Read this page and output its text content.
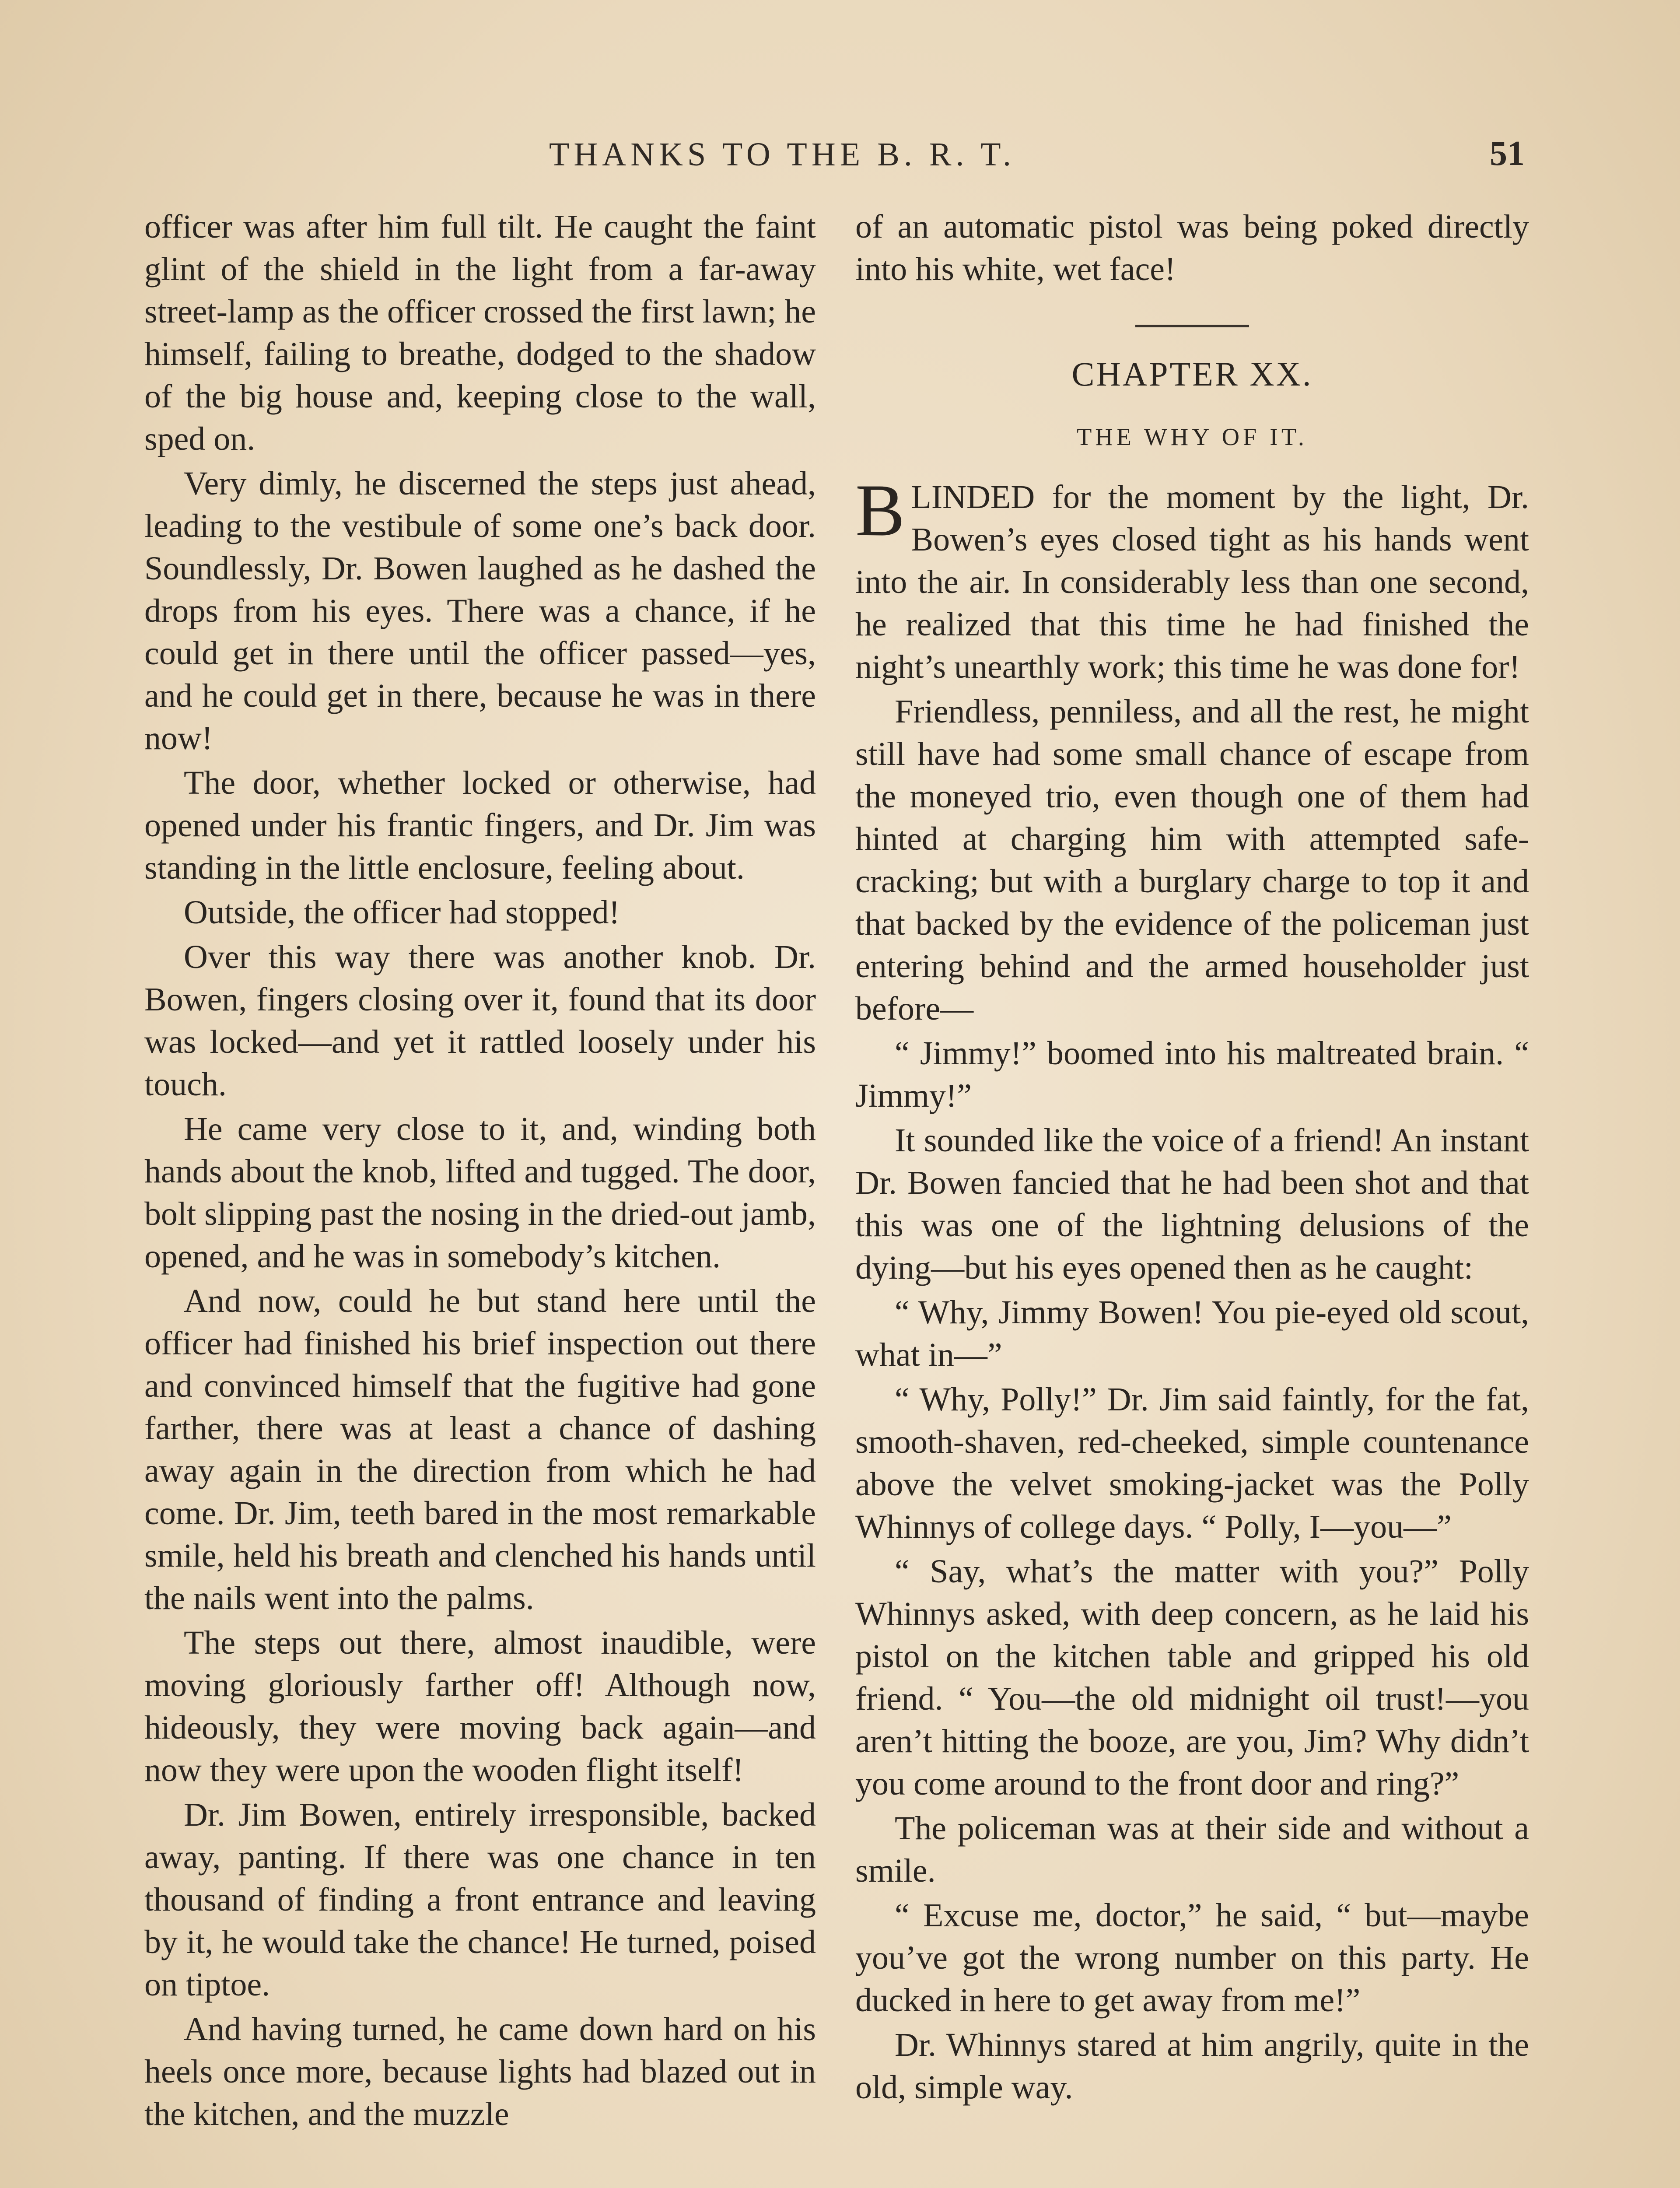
THANKS TO THE B. R. T.	51

officer was after him full tilt. He caught the faint glint of the shield in the light from a far-away street-lamp as the officer crossed the first lawn; he himself, failing to breathe, dodged to the shadow of the big house and, keeping close to the wall, sped on.

Very dimly, he discerned the steps just ahead, leading to the vestibule of some one’s back door. Soundlessly, Dr. Bowen laughed as he dashed the drops from his eyes. There was a chance, if he could get in there until the officer passed—yes, and he could get in there, because he was in there now!

The door, whether locked or otherwise, had opened under his frantic fingers, and Dr. Jim was standing in the little enclosure, feeling about.

Outside, the officer had stopped!

Over this way there was another knob. Dr. Bowen, fingers closing over it, found that its door was locked—and yet it rattled loosely under his touch.

He came very close to it, and, winding both hands about the knob, lifted and tugged. The door, bolt slipping past the nosing in the dried-out jamb, opened, and he was in somebody’s kitchen.

And now, could he but stand here until the officer had finished his brief inspection out there and convinced himself that the fugitive had gone farther, there was at least a chance of dashing away again in the direction from which he had come. Dr. Jim, teeth bared in the most remarkable smile, held his breath and clenched his hands until the nails went into the palms.

The steps out there, almost inaudible, were moving gloriously farther off! Although now, hideously, they were moving back again—and now they were upon the wooden flight itself!

Dr. Jim Bowen, entirely irresponsible, backed away, panting. If there was one chance in ten thousand of finding a front entrance and leaving by it, he would take the chance! He turned, poised on tiptoe.

And having turned, he came down hard on his heels once more, because lights had blazed out in the kitchen, and the muzzle

of an automatic pistol was being poked directly into his white, wet face!

CHAPTER XX.
THE WHY OF IT.

BLINDED for the moment by the light, Dr. Bowen’s eyes closed tight as his hands went into the air. In considerably less than one second, he realized that this time he had finished the night’s unearthly work; this time he was done for!

Friendless, penniless, and all the rest, he might still have had some small chance of escape from the moneyed trio, even though one of them had hinted at charging him with attempted safe-cracking; but with a burglary charge to top it and that backed by the evidence of the policeman just entering behind and the armed householder just before—

“ Jimmy!” boomed into his maltreated brain. “ Jimmy!”

It sounded like the voice of a friend! An instant Dr. Bowen fancied that he had been shot and that this was one of the lightning delusions of the dying—but his eyes opened then as he caught:

“ Why, Jimmy Bowen! You pie-eyed old scout, what in—”

“ Why, Polly!” Dr. Jim said faintly, for the fat, smooth-shaven, red-cheeked, simple countenance above the velvet smoking-jacket was the Polly Whinnys of college days. “ Polly, I—you—”

“ Say, what’s the matter with you?” Polly Whinnys asked, with deep concern, as he laid his pistol on the kitchen table and gripped his old friend. “ You—the old midnight oil trust!—you aren’t hitting the booze, are you, Jim? Why didn’t you come around to the front door and ring?”

The policeman was at their side and without a smile.

“ Excuse me, doctor,” he said, “ but—maybe you’ve got the wrong number on this party. He ducked in here to get away from me!”

Dr. Whinnys stared at him angrily, quite in the old, simple way.
